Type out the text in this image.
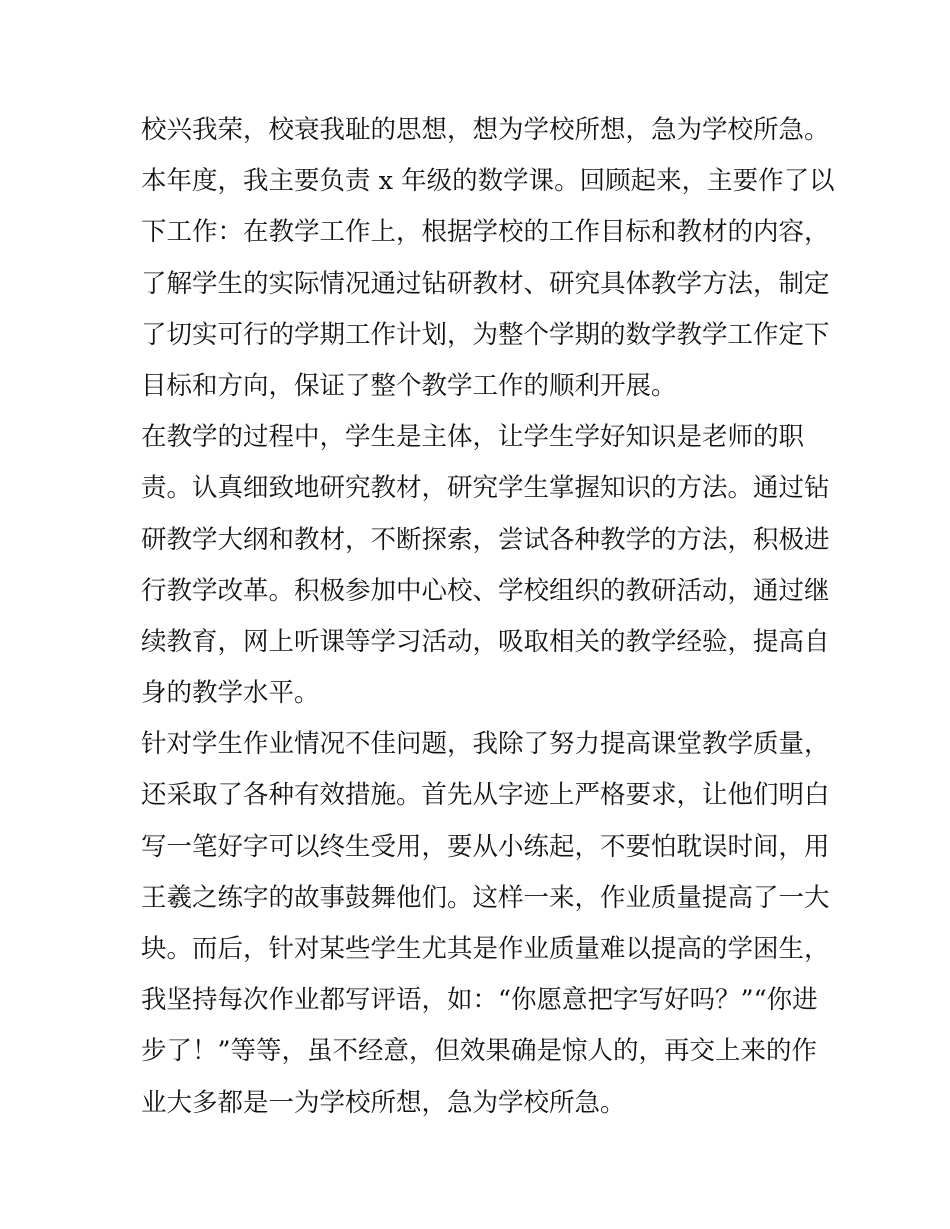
校兴我荣，校衰我耻的思想，想为学校所想，急为学校所急。
本年度，我主要负责 x 年级的数学课。回顾起来，主要作了以
下工作：在教学工作上，根据学校的工作目标和教材的内容，
了解学生的实际情况通过钻研教材、研究具体教学方法，制定
了切实可行的学期工作计划，为整个学期的数学教学工作定下
目标和方向，保证了整个教学工作的顺利开展。
在教学的过程中，学生是主体，让学生学好知识是老师的职
责。认真细致地研究教材，研究学生掌握知识的方法。通过钻
研教学大纲和教材，不断探索，尝试各种教学的方法，积极进
行教学改革。积极参加中心校、学校组织的教研活动，通过继
续教育，网上听课等学习活动，吸取相关的教学经验，提高自
身的教学水平。
针对学生作业情况不佳问题，我除了努力提高课堂教学质量，
还采取了各种有效措施。首先从字迹上严格要求，让他们明白
写一笔好字可以终生受用，要从小练起，不要怕耽误时间，用
王羲之练字的故事鼓舞他们。这样一来，作业质量提高了一大
块。而后，针对某些学生尤其是作业质量难以提高的学困生，
我坚持每次作业都写评语，如：“你愿意把字写好吗？”“你进
步了！”等等，虽不经意，但效果确是惊人的，再交上来的作
业大多都是一为学校所想，急为学校所急。
